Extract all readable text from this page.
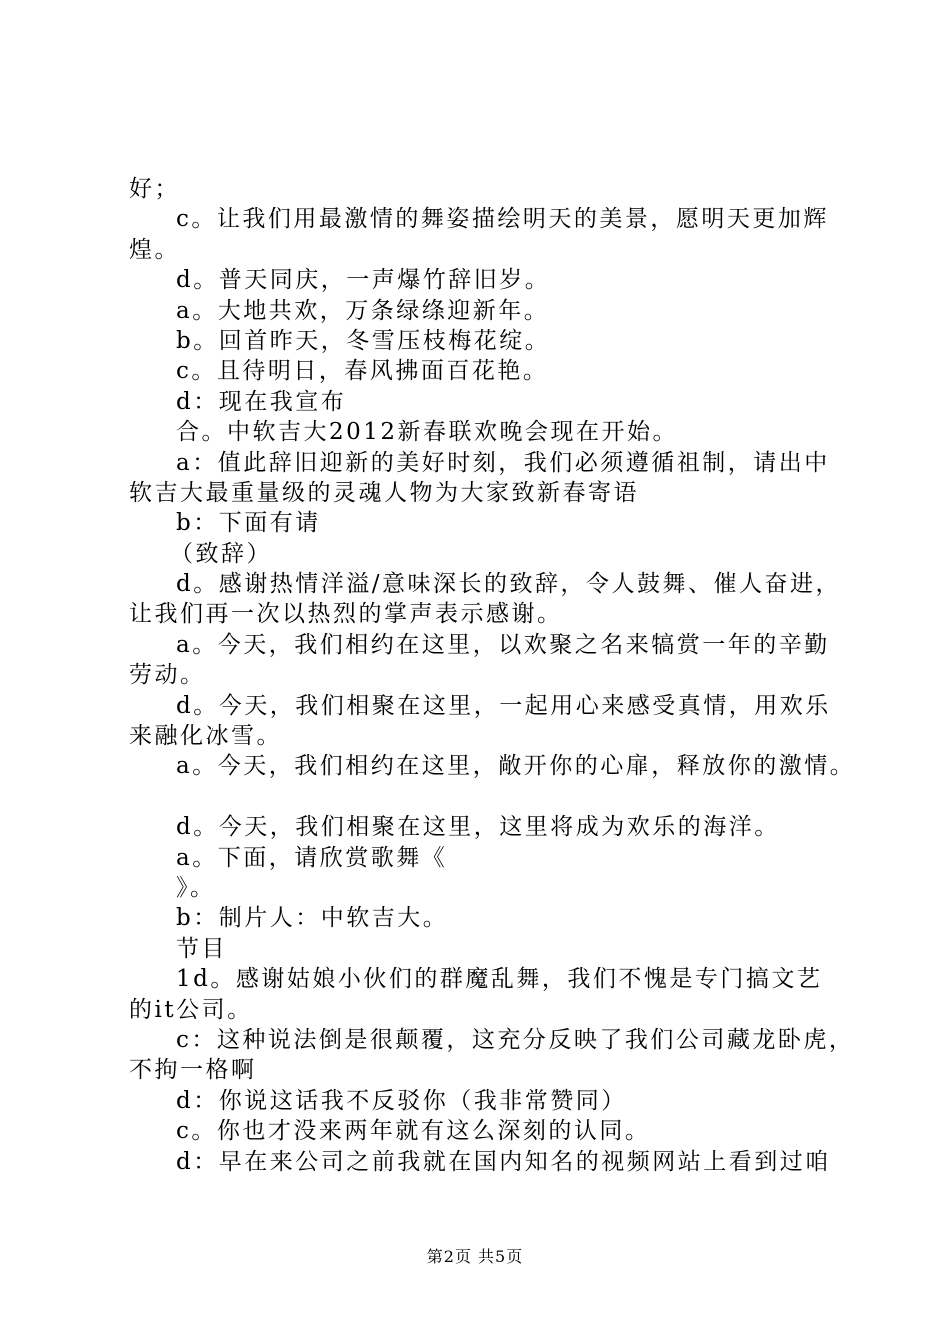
好；
c。让我们用最激情的舞姿描绘明天的美景，愿明天更加辉
煌。
d。普天同庆，一声爆竹辞旧岁。
a。大地共欢，万条绿绦迎新年。
b。回首昨天，冬雪压枝梅花绽。
c。且待明日，春风拂面百花艳。
d：现在我宣布
合。中软吉大2012新春联欢晚会现在开始。
a：值此辞旧迎新的美好时刻，我们必须遵循祖制，请出中
软吉大最重量级的灵魂人物为大家致新春寄语
b：下面有请
（致辞）
d。感谢热情洋溢/意味深长的致辞，令人鼓舞、催人奋进，
让我们再一次以热烈的掌声表示感谢。
a。今天，我们相约在这里，以欢聚之名来犒赏一年的辛勤
劳动。
d。今天，我们相聚在这里，一起用心来感受真情，用欢乐
来融化冰雪。
a。今天，我们相约在这里，敞开你的心扉，释放你的激情。
d。今天，我们相聚在这里，这里将成为欢乐的海洋。
a。下面，请欣赏歌舞《
》。
b：制片人：中软吉大。
节目
1d。感谢姑娘小伙们的群魔乱舞，我们不愧是专门搞文艺
的it公司。
c：这种说法倒是很颠覆，这充分反映了我们公司藏龙卧虎，
不拘一格啊
d：你说这话我不反驳你（我非常赞同）
c。你也才没来两年就有这么深刻的认同。
d：早在来公司之前我就在国内知名的视频网站上看到过咱
第2页 共5页
